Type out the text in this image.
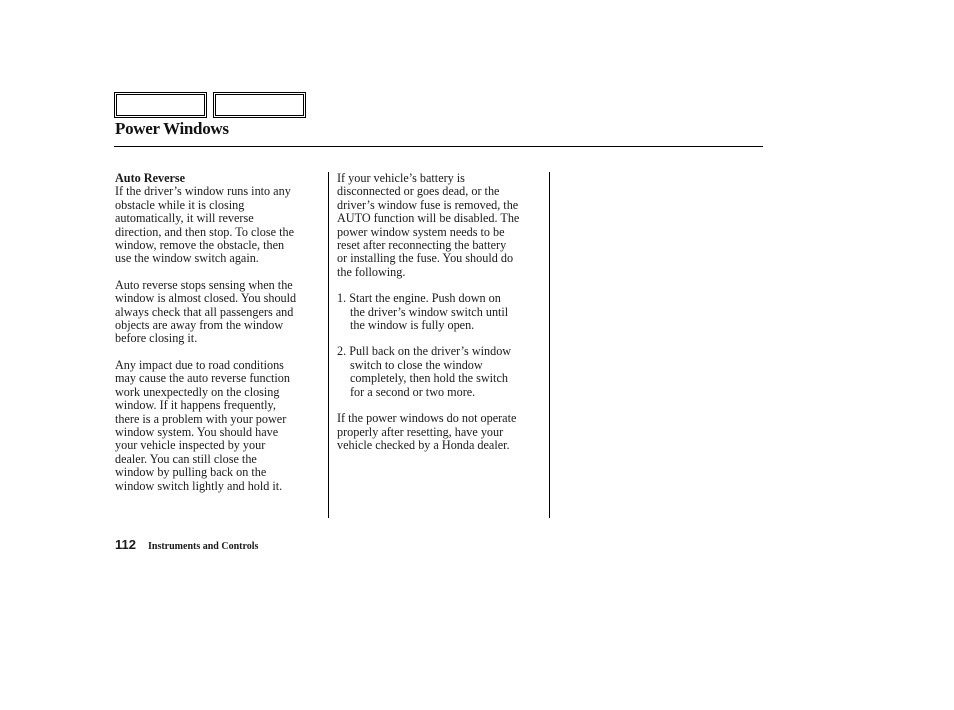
Power Windows
Auto Reverse
If the driver’s window runs into any
obstacle while it is closing
automatically, it will reverse
direction, and then stop. To close the
window, remove the obstacle, then
use the window switch again.
Auto reverse stops sensing when the
window is almost closed. You should
always check that all passengers and
objects are away from the window
before closing it.
Any impact due to road conditions
may cause the auto reverse function
work unexpectedly on the closing
window. If it happens frequently,
there is a problem with your power
window system. You should have
your vehicle inspected by your
dealer. You can still close the
window by pulling back on the
window switch lightly and hold it.
If your vehicle’s battery is
disconnected or goes dead, or the
driver’s window fuse is removed, the
AUTO function will be disabled. The
power window system needs to be
reset after reconnecting the battery
or installing the fuse. You should do
the following.
1. Start the engine. Push down on
the driver’s window switch until
the window is fully open.
2. Pull back on the driver’s window
switch to close the window
completely, then hold the switch
for a second or two more.
If the power windows do not operate
properly after resetting, have your
vehicle checked by a Honda dealer.
112 Instruments and Controls
